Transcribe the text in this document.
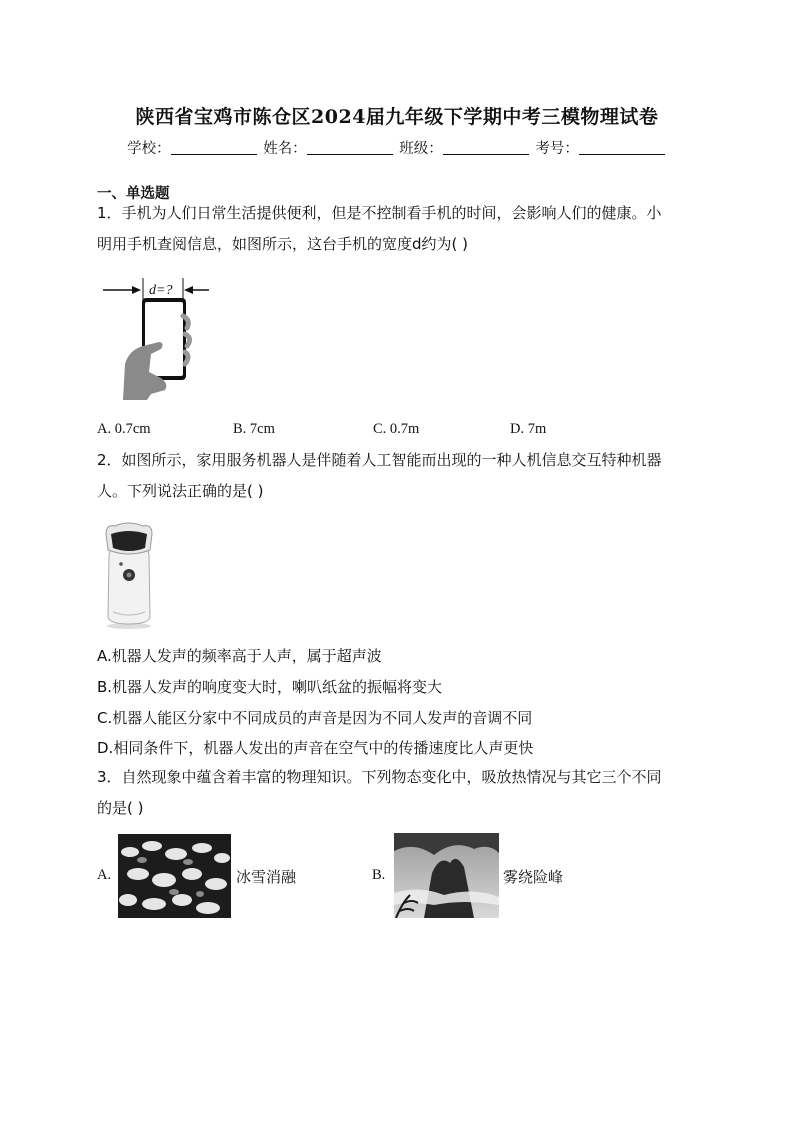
陕西省宝鸡市陈仓区2024届九年级下学期中考三模物理试卷
学校：	姓名：	班级：	考号：
一、单选题
1．手机为人们日常生活提供便利，但是不控制看手机的时间，会影响人们的健康。小
明用手机查阅信息，如图所示，这台手机的宽度d约为( )
d=?
A. 0.7cm	B. 7cm	C. 0.7m	D. 7m
2．如图所示，家用服务机器人是伴随着人工智能而出现的一种人机信息交互特种机器
人。下列说法正确的是( )
A.机器人发声的频率高于人声，属于超声波
B.机器人发声的响度变大时，喇叭纸盆的振幅将变大
C.机器人能区分家中不同成员的声音是因为不同人发声的音调不同
D.相同条件下，机器人发出的声音在空气中的传播速度比人声更快
3．自然现象中蕴含着丰富的物理知识。下列物态变化中，吸放热情况与其它三个不同
的是( )
A.	冰雪消融	B.	雾绕险峰
